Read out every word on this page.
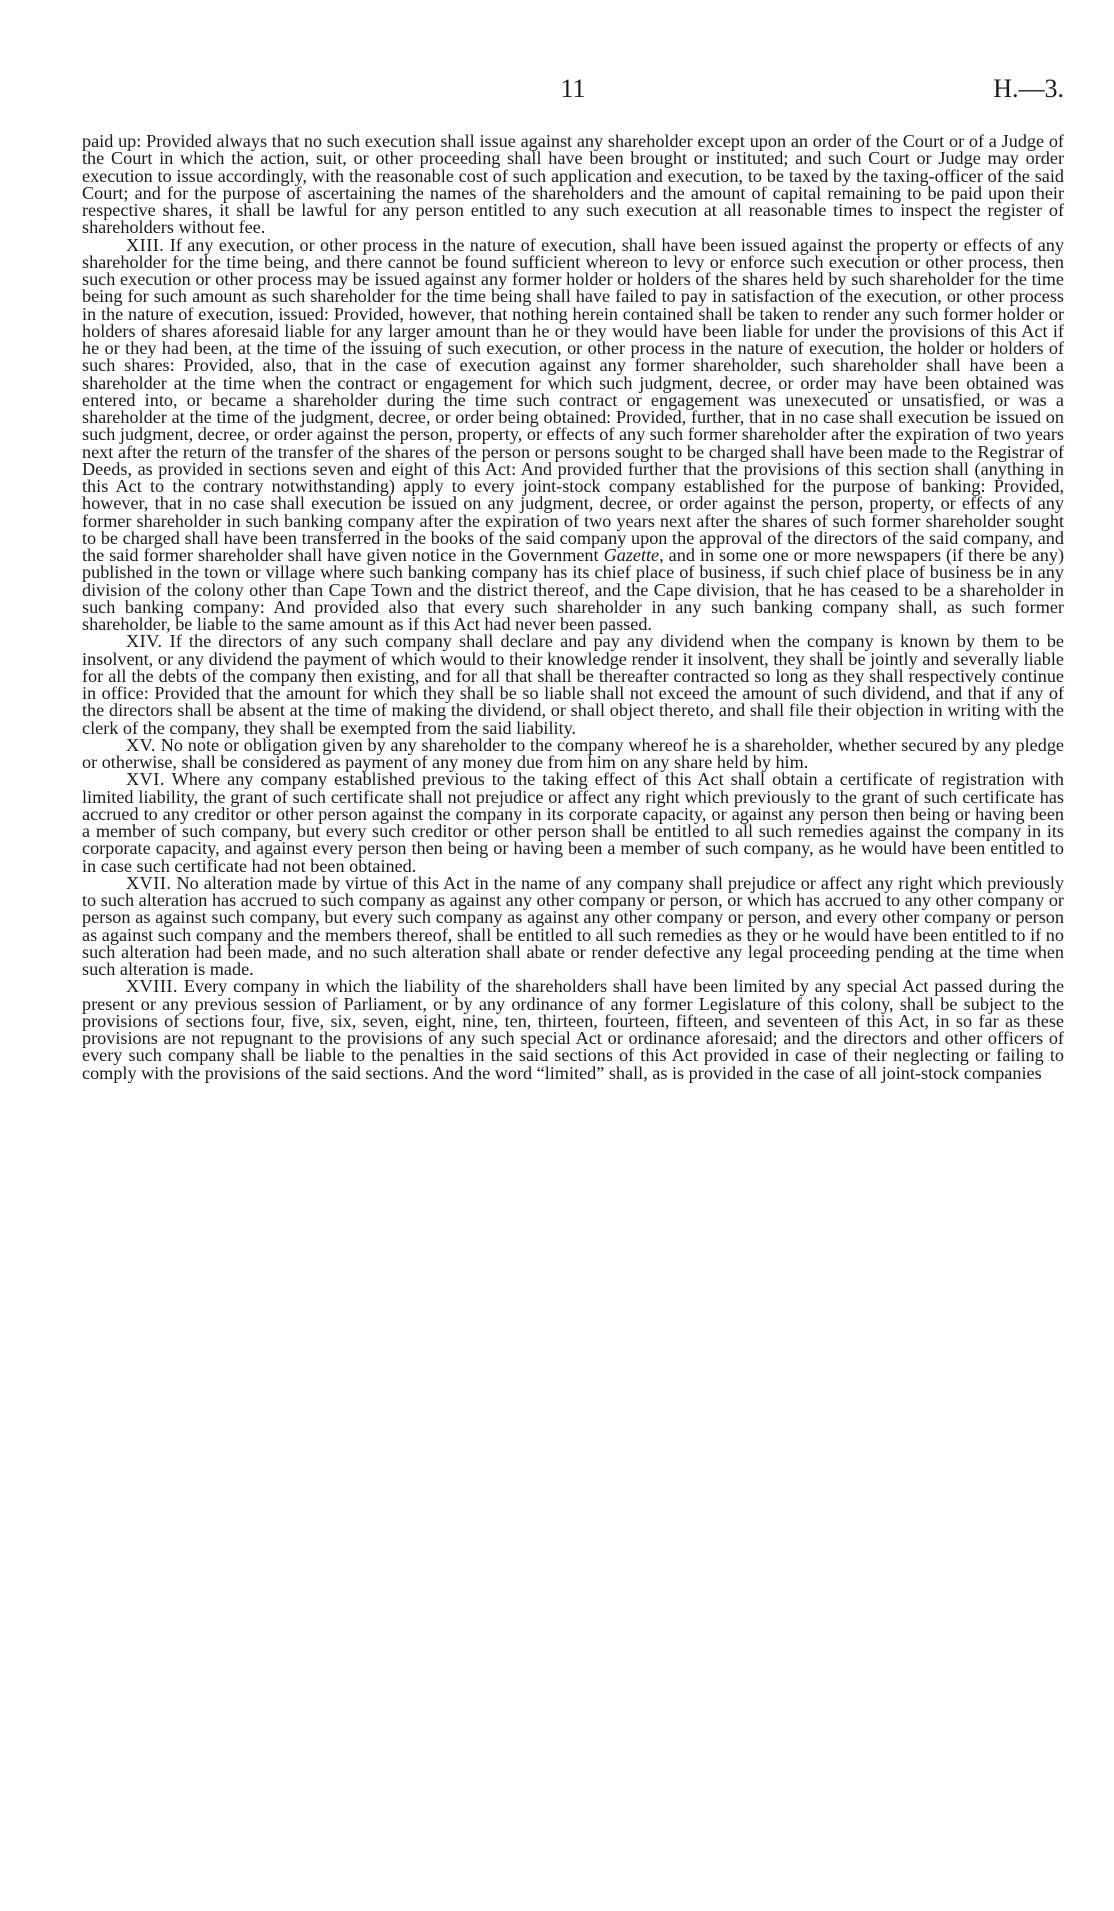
11	H.—3.

paid up: Provided always that no such execution shall issue against any shareholder except upon an order of the Court or of a Judge of the Court in which the action, suit, or other proceeding shall have been brought or instituted; and such Court or Judge may order execution to issue accordingly, with the reasonable cost of such application and execution, to be taxed by the taxing-officer of the said Court; and for the purpose of ascertaining the names of the shareholders and the amount of capital remaining to be paid upon their respective shares, it shall be lawful for any person entitled to any such execution at all reasonable times to inspect the register of shareholders without fee.

XIII. If any execution, or other process in the nature of execution, shall have been issued against the property or effects of any shareholder for the time being, and there cannot be found sufficient whereon to levy or enforce such execution or other process, then such execution or other process may be issued against any former holder or holders of the shares held by such shareholder for the time being for such amount as such shareholder for the time being shall have failed to pay in satisfaction of the execution, or other process in the nature of execution, issued: Provided, however, that nothing herein contained shall be taken to render any such former holder or holders of shares aforesaid liable for any larger amount than he or they would have been liable for under the provisions of this Act if he or they had been, at the time of the issuing of such execution, or other process in the nature of execution, the holder or holders of such shares: Provided, also, that in the case of execution against any former shareholder, such shareholder shall have been a shareholder at the time when the contract or engagement for which such judgment, decree, or order may have been obtained was entered into, or became a shareholder during the time such contract or engagement was unexecuted or unsatisfied, or was a shareholder at the time of the judgment, decree, or order being obtained: Provided, further, that in no case shall execution be issued on such judgment, decree, or order against the person, property, or effects of any such former shareholder after the expiration of two years next after the return of the transfer of the shares of the person or persons sought to be charged shall have been made to the Registrar of Deeds, as provided in sections seven and eight of this Act: And provided further that the provisions of this section shall (anything in this Act to the contrary notwithstanding) apply to every joint-stock company established for the purpose of banking: Provided, however, that in no case shall execution be issued on any judgment, decree, or order against the person, property, or effects of any former shareholder in such banking company after the expiration of two years next after the shares of such former shareholder sought to be charged shall have been transferred in the books of the said company upon the approval of the directors of the said company, and the said former shareholder shall have given notice in the Government Gazette, and in some one or more newspapers (if there be any) published in the town or village where such banking company has its chief place of business, if such chief place of business be in any division of the colony other than Cape Town and the district thereof, and the Cape division, that he has ceased to be a shareholder in such banking company: And provided also that every such shareholder in any such banking company shall, as such former shareholder, be liable to the same amount as if this Act had never been passed.

XIV. If the directors of any such company shall declare and pay any dividend when the company is known by them to be insolvent, or any dividend the payment of which would to their knowledge render it insolvent, they shall be jointly and severally liable for all the debts of the company then existing, and for all that shall be thereafter contracted so long as they shall respectively continue in office: Provided that the amount for which they shall be so liable shall not exceed the amount of such dividend, and that if any of the directors shall be absent at the time of making the dividend, or shall object thereto, and shall file their objection in writing with the clerk of the company, they shall be exempted from the said liability.

XV. No note or obligation given by any shareholder to the company whereof he is a shareholder, whether secured by any pledge or otherwise, shall be considered as payment of any money due from him on any share held by him.

XVI. Where any company established previous to the taking effect of this Act shall obtain a certificate of registration with limited liability, the grant of such certificate shall not prejudice or affect any right which previously to the grant of such certificate has accrued to any creditor or other person against the company in its corporate capacity, or against any person then being or having been a member of such company, but every such creditor or other person shall be entitled to all such remedies against the company in its corporate capacity, and against every person then being or having been a member of such company, as he would have been entitled to in case such certificate had not been obtained.

XVII. No alteration made by virtue of this Act in the name of any company shall prejudice or affect any right which previously to such alteration has accrued to such company as against any other company or person, or which has accrued to any other company or person as against such company, but every such company as against any other company or person, and every other company or person as against such company and the members thereof, shall be entitled to all such remedies as they or he would have been entitled to if no such alteration had been made, and no such alteration shall abate or render defective any legal proceeding pending at the time when such alteration is made.

XVIII. Every company in which the liability of the shareholders shall have been limited by any special Act passed during the present or any previous session of Parliament, or by any ordinance of any former Legislature of this colony, shall be subject to the provisions of sections four, five, six, seven, eight, nine, ten, thirteen, fourteen, fifteen, and seventeen of this Act, in so far as these provisions are not repugnant to the provisions of any such special Act or ordinance aforesaid; and the directors and other officers of every such company shall be liable to the penalties in the said sections of this Act provided in case of their neglecting or failing to comply with the provisions of the said sections. And the word “limited” shall, as is provided in the case of all joint-stock companies
